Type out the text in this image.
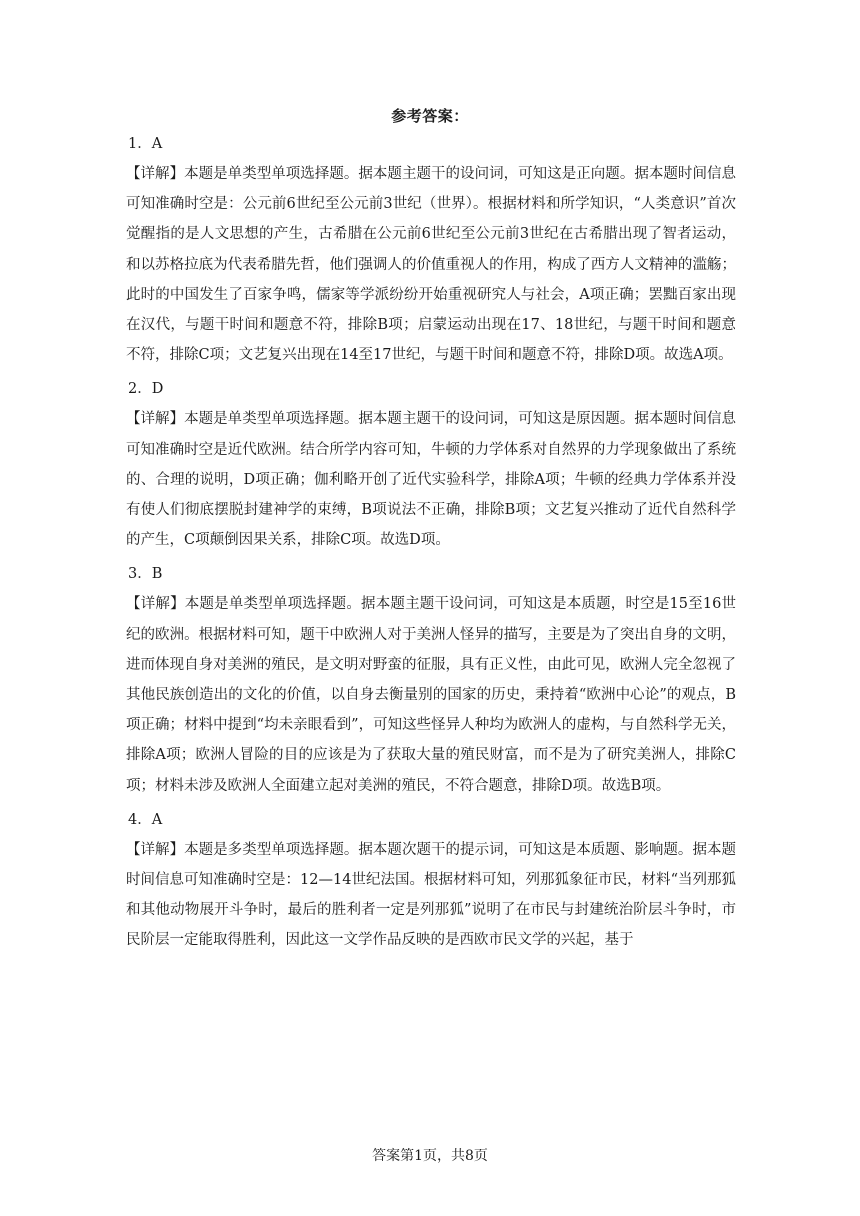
参考答案：
1．A

【详解】本题是单类型单项选择题。据本题主题干的设问词，可知这是正向题。据本题时间信息可知准确时空是：公元前6世纪至公元前3世纪（世界）。根据材料和所学知识，“人类意识”首次觉醒指的是人文思想的产生，古希腊在公元前6世纪至公元前3世纪在古希腊出现了智者运动，和以苏格拉底为代表希腊先哲，他们强调人的价值重视人的作用，构成了西方人文精神的滥觞；此时的中国发生了百家争鸣，儒家等学派纷纷开始重视研究人与社会，A项正确；罢黜百家出现在汉代，与题干时间和题意不符，排除B项；启蒙运动出现在17、18世纪，与题干时间和题意不符，排除C项；文艺复兴出现在14至17世纪，与题干时间和题意不符，排除D项。故选A项。

2．D

【详解】本题是单类型单项选择题。据本题主题干的设问词，可知这是原因题。据本题时间信息可知准确时空是近代欧洲。结合所学内容可知，牛顿的力学体系对自然界的力学现象做出了系统的、合理的说明，D项正确；伽利略开创了近代实验科学，排除A项；牛顿的经典力学体系并没有使人们彻底摆脱封建神学的束缚，B项说法不正确，排除B项；文艺复兴推动了近代自然科学的产生，C项颠倒因果关系，排除C项。故选D项。

3．B

【详解】本题是单类型单项选择题。据本题主题干设问词，可知这是本质题，时空是15至16世纪的欧洲。根据材料可知，题干中欧洲人对于美洲人怪异的描写，主要是为了突出自身的文明，进而体现自身对美洲的殖民，是文明对野蛮的征服，具有正义性，由此可见，欧洲人完全忽视了其他民族创造出的文化的价值，以自身去衡量别的国家的历史，秉持着“欧洲中心论”的观点，B项正确；材料中提到“均未亲眼看到”，可知这些怪异人种均为欧洲人的虚构，与自然科学无关，排除A项；欧洲人冒险的目的应该是为了获取大量的殖民财富，而不是为了研究美洲人，排除C项；材料未涉及欧洲人全面建立起对美洲的殖民，不符合题意，排除D项。故选B项。

4．A

【详解】本题是多类型单项选择题。据本题次题干的提示词，可知这是本质题、影响题。据本题时间信息可知准确时空是：12—14世纪法国。根据材料可知，列那狐象征市民，材料“当列那狐和其他动物展开斗争时，最后的胜利者一定是列那狐”说明了在市民与封建统治阶层斗争时，市民阶层一定能取得胜利，因此这一文学作品反映的是西欧市民文学的兴起，基于

答案第1页，共8页
